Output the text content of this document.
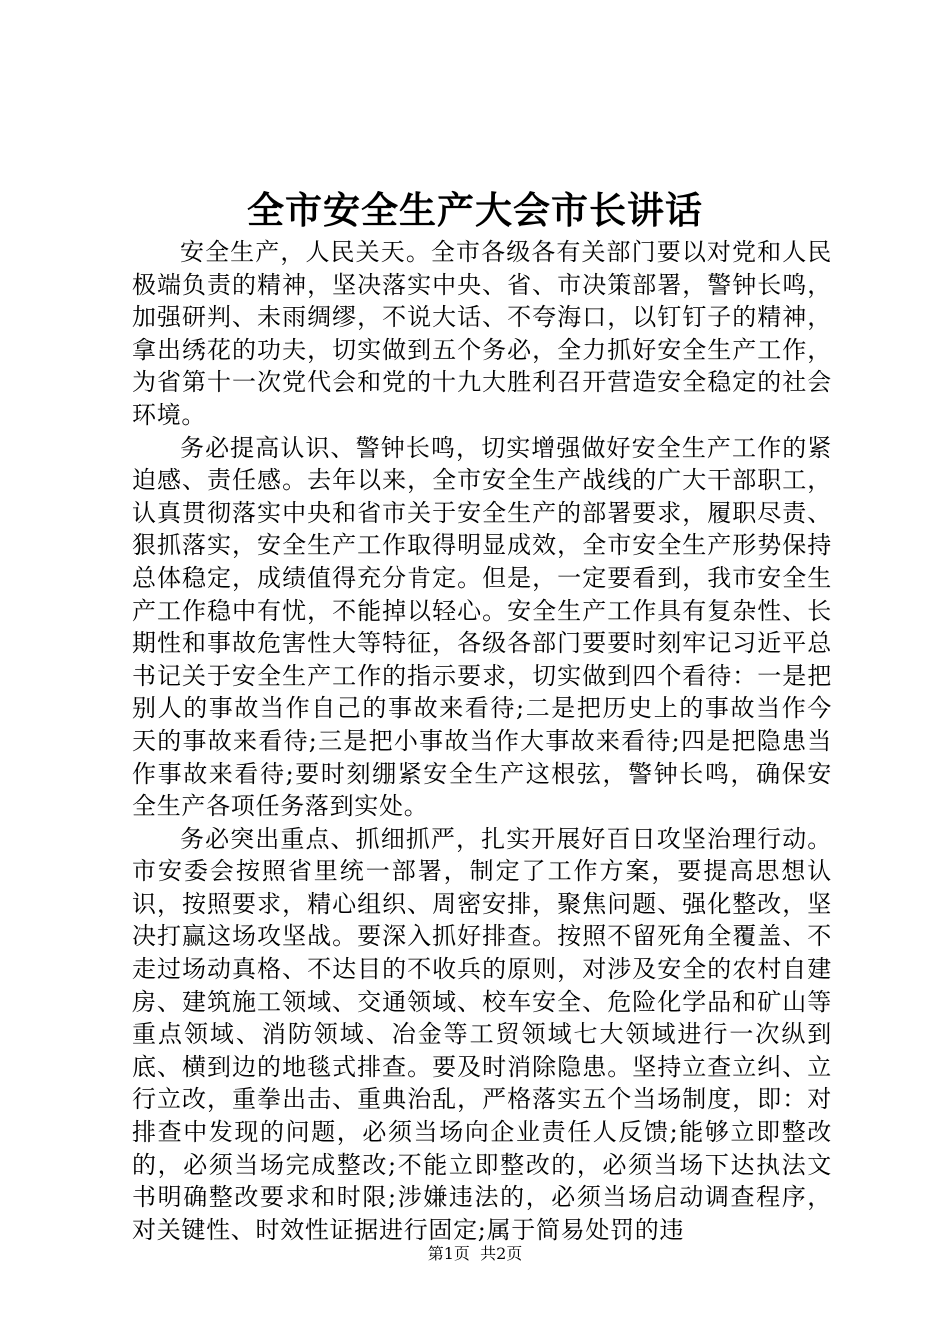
全市安全生产大会市长讲话

安全生产，人民关天。全市各级各有关部门要以对党和人民极端负责的精神，坚决落实中央、省、市决策部署，警钟长鸣，加强研判、未雨绸缪，不说大话、不夸海口，以钉钉子的精神，拿出绣花的功夫，切实做到五个务必，全力抓好安全生产工作，为省第十一次党代会和党的十九大胜利召开营造安全稳定的社会环境。

务必提高认识、警钟长鸣，切实增强做好安全生产工作的紧迫感、责任感。去年以来，全市安全生产战线的广大干部职工，认真贯彻落实中央和省市关于安全生产的部署要求，履职尽责、狠抓落实，安全生产工作取得明显成效，全市安全生产形势保持总体稳定，成绩值得充分肯定。但是，一定要看到，我市安全生产工作稳中有忧，不能掉以轻心。安全生产工作具有复杂性、长期性和事故危害性大等特征，各级各部门要要时刻牢记习近平总书记关于安全生产工作的指示要求，切实做到四个看待：一是把别人的事故当作自己的事故来看待;二是把历史上的事故当作今天的事故来看待;三是把小事故当作大事故来看待;四是把隐患当作事故来看待;要时刻绷紧安全生产这根弦，警钟长鸣，确保安全生产各项任务落到实处。

务必突出重点、抓细抓严，扎实开展好百日攻坚治理行动。市安委会按照省里统一部署，制定了工作方案，要提高思想认识，按照要求，精心组织、周密安排，聚焦问题、强化整改，坚决打赢这场攻坚战。要深入抓好排查。按照不留死角全覆盖、不走过场动真格、不达目的不收兵的原则，对涉及安全的农村自建房、建筑施工领域、交通领域、校车安全、危险化学品和矿山等重点领域、消防领域、冶金等工贸领域七大领域进行一次纵到底、横到边的地毯式排查。要及时消除隐患。坚持立查立纠、立行立改，重拳出击、重典治乱，严格落实五个当场制度，即：对排查中发现的问题，必须当场向企业责任人反馈;能够立即整改的，必须当场完成整改;不能立即整改的，必须当场下达执法文书明确整改要求和时限;涉嫌违法的，必须当场启动调查程序，对关键性、时效性证据进行固定;属于简易处罚的违

第1页 共2页
